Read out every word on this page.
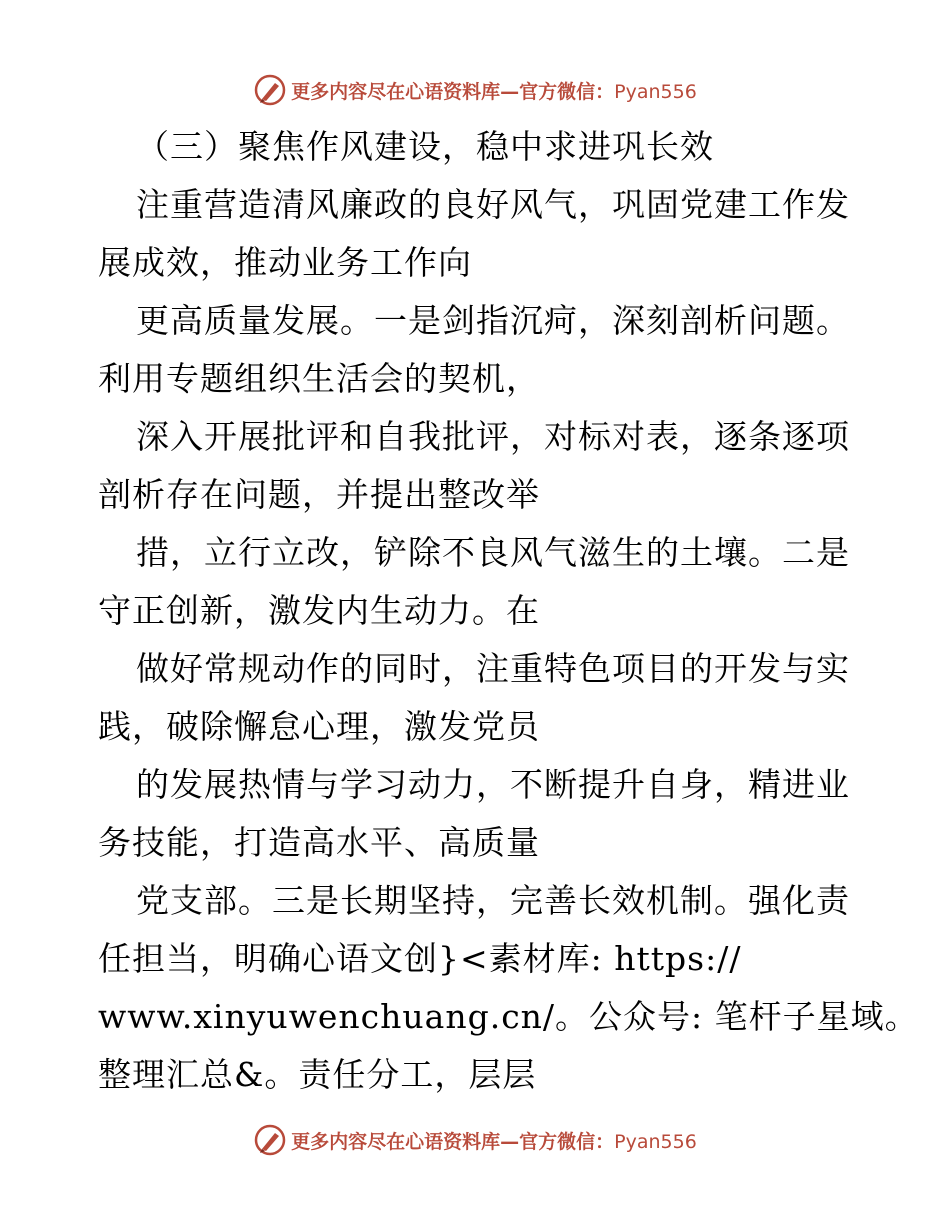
更多内容尽在心语资料库—官方微信：Pyan556
（三）聚焦作风建设，稳中求进巩长效
注重营造清风廉政的良好风气，巩固党建工作发
展成效，推动业务工作向
更高质量发展。一是剑指沉疴，深刻剖析问题。
利用专题组织生活会的契机，
深入开展批评和自我批评，对标对表，逐条逐项
剖析存在问题，并提出整改举
措，立行立改，铲除不良风气滋生的土壤。二是
守正创新，激发内生动力。在
做好常规动作的同时，注重特色项目的开发与实
践，破除懈怠心理，激发党员
的发展热情与学习动力，不断提升自身，精进业
务技能，打造高水平、高质量
党支部。三是长期坚持，完善长效机制。强化责
任担当，明确心语文创}<素材库: https://
www.xinyuwenchuang.cn/。公众号: 笔杆子星域。
整理汇总&。责任分工，层层
更多内容尽在心语资料库—官方微信：Pyan556
